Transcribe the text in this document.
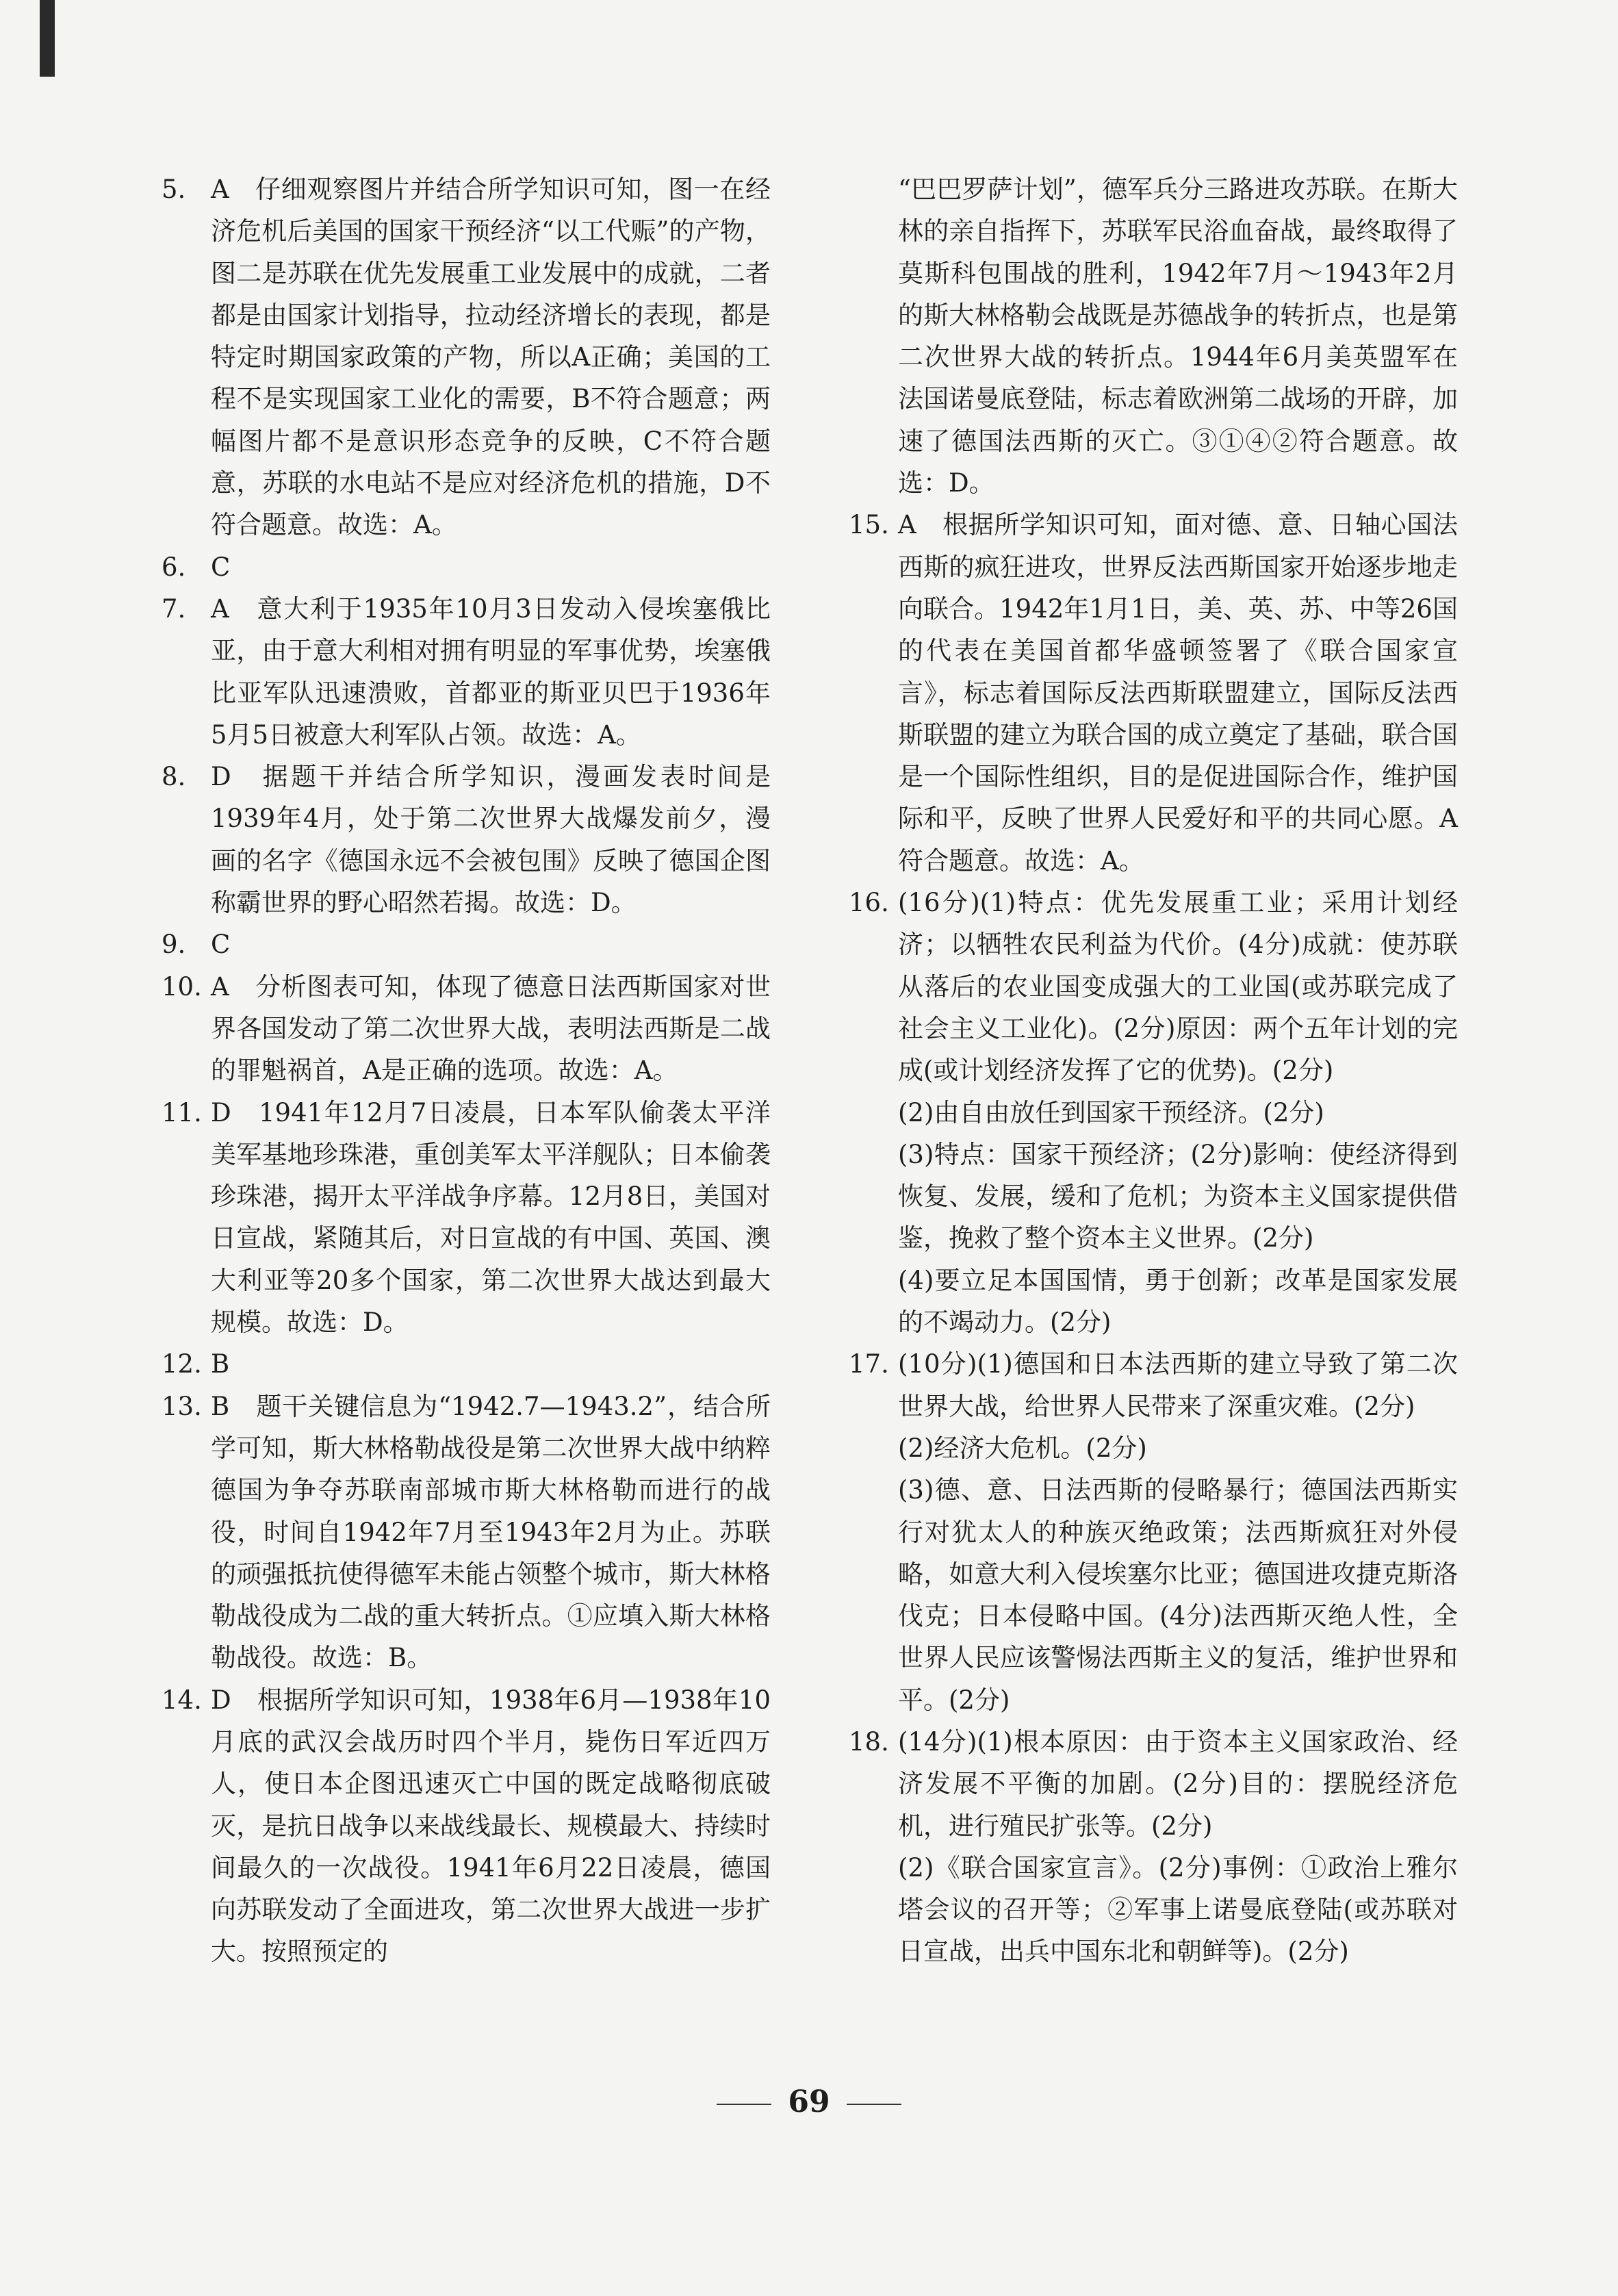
5. A　仔细观察图片并结合所学知识可知，图一在经济危机后美国的国家干预经济“以工代赈”的产物，图二是苏联在优先发展重工业发展中的成就，二者都是由国家计划指导，拉动经济增长的表现，都是特定时期国家政策的产物，所以A正确；美国的工程不是实现国家工业化的需要，B不符合题意；两幅图片都不是意识形态竞争的反映，C不符合题意，苏联的水电站不是应对经济危机的措施，D不符合题意。故选：A。
6. C
7. A　意大利于1935年10月3日发动入侵埃塞俄比亚，由于意大利相对拥有明显的军事优势，埃塞俄比亚军队迅速溃败，首都亚的斯亚贝巴于1936年5月5日被意大利军队占领。故选：A。
8. D　据题干并结合所学知识，漫画发表时间是1939年4月，处于第二次世界大战爆发前夕，漫画的名字《德国永远不会被包围》反映了德国企图称霸世界的野心昭然若揭。故选：D。
9. C
10. A　分析图表可知，体现了德意日法西斯国家对世界各国发动了第二次世界大战，表明法西斯是二战的罪魁祸首，A是正确的选项。故选：A。
11. D　1941年12月7日凌晨，日本军队偷袭太平洋美军基地珍珠港，重创美军太平洋舰队；日本偷袭珍珠港，揭开太平洋战争序幕。12月8日，美国对日宣战，紧随其后，对日宣战的有中国、英国、澳大利亚等20多个国家，第二次世界大战达到最大规模。故选：D。
12. B
13. B　题干关键信息为“1942.7—1943.2”，结合所学可知，斯大林格勒战役是第二次世界大战中纳粹德国为争夺苏联南部城市斯大林格勒而进行的战役，时间自1942年7月至1943年2月为止。苏联的顽强抵抗使得德军未能占领整个城市，斯大林格勒战役成为二战的重大转折点。①应填入斯大林格勒战役。故选：B。
14. D　根据所学知识可知，1938年6月—1938年10月底的武汉会战历时四个半月，毙伤日军近四万人，使日本企图迅速灭亡中国的既定战略彻底破灭，是抗日战争以来战线最长、规模最大、持续时间最久的一次战役。1941年6月22日凌晨，德国向苏联发动了全面进攻，第二次世界大战进一步扩大。按照预定的
“巴巴罗萨计划”，德军兵分三路进攻苏联。在斯大林的亲自指挥下，苏联军民浴血奋战，最终取得了莫斯科包围战的胜利，1942年7月～1943年2月的斯大林格勒会战既是苏德战争的转折点，也是第二次世界大战的转折点。1944年6月美英盟军在法国诺曼底登陆，标志着欧洲第二战场的开辟，加速了德国法西斯的灭亡。③①④②符合题意。故选：D。
15. A　根据所学知识可知，面对德、意、日轴心国法西斯的疯狂进攻，世界反法西斯国家开始逐步地走向联合。1942年1月1日，美、英、苏、中等26国的代表在美国首都华盛顿签署了《联合国家宣言》，标志着国际反法西斯联盟建立，国际反法西斯联盟的建立为联合国的成立奠定了基础，联合国是一个国际性组织，目的是促进国际合作，维护国际和平，反映了世界人民爱好和平的共同心愿。A符合题意。故选：A。
16. (16分)(1)特点：优先发展重工业；采用计划经济；以牺牲农民利益为代价。(4分)成就：使苏联从落后的农业国变成强大的工业国(或苏联完成了社会主义工业化)。(2分)原因：两个五年计划的完成(或计划经济发挥了它的优势)。(2分)
(2)由自由放任到国家干预经济。(2分)
(3)特点：国家干预经济；(2分)影响：使经济得到恢复、发展，缓和了危机；为资本主义国家提供借鉴，挽救了整个资本主义世界。(2分)
(4)要立足本国国情，勇于创新；改革是国家发展的不竭动力。(2分)
17. (10分)(1)德国和日本法西斯的建立导致了第二次世界大战，给世界人民带来了深重灾难。(2分)
(2)经济大危机。(2分)
(3)德、意、日法西斯的侵略暴行；德国法西斯实行对犹太人的种族灭绝政策；法西斯疯狂对外侵略，如意大利入侵埃塞尔比亚；德国进攻捷克斯洛伐克；日本侵略中国。(4分)法西斯灭绝人性，全世界人民应该警惕法西斯主义的复活，维护世界和平。(2分)
18. (14分)(1)根本原因：由于资本主义国家政治、经济发展不平衡的加剧。(2分)目的：摆脱经济危机，进行殖民扩张等。(2分)
(2)《联合国家宣言》。(2分)事例：①政治上雅尔塔会议的召开等；②军事上诺曼底登陆(或苏联对日宣战，出兵中国东北和朝鲜等)。(2分)
69
